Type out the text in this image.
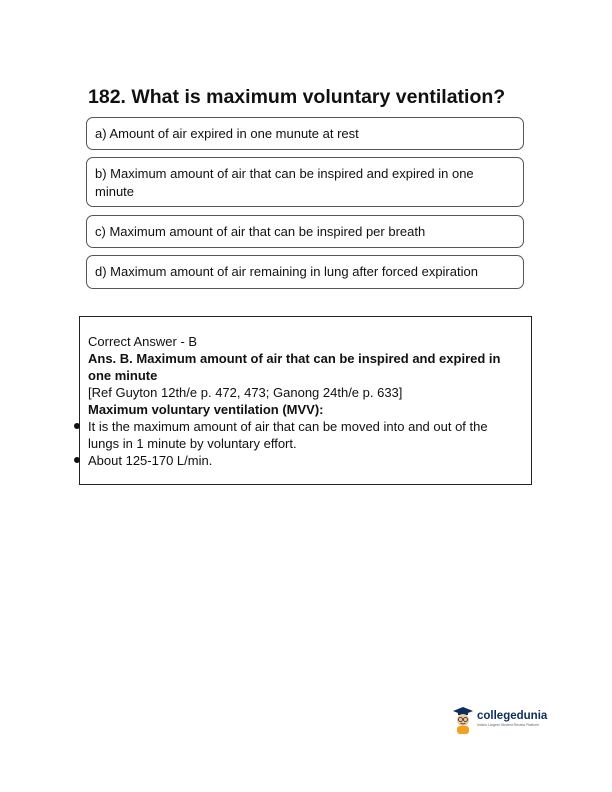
182. What is maximum voluntary ventilation?
a) Amount of air expired in one munute at rest
b) Maximum amount of air that can be inspired and expired in one minute
c) Maximum amount of air that can be inspired per breath
d) Maximum amount of air remaining in lung after forced expiration

Correct Answer - B

Ans. B. Maximum amount of air that can be inspired and expired in one minute

[Ref Guyton 12th/e p. 472, 473; Ganong 24th/e p. 633]

Maximum voluntary ventilation (MVV):

It is the maximum amount of air that can be moved into and out of the lungs in 1 minute by voluntary effort.
About 125-170 L/min.
collegedunia
India's Largest Student Review Platform
